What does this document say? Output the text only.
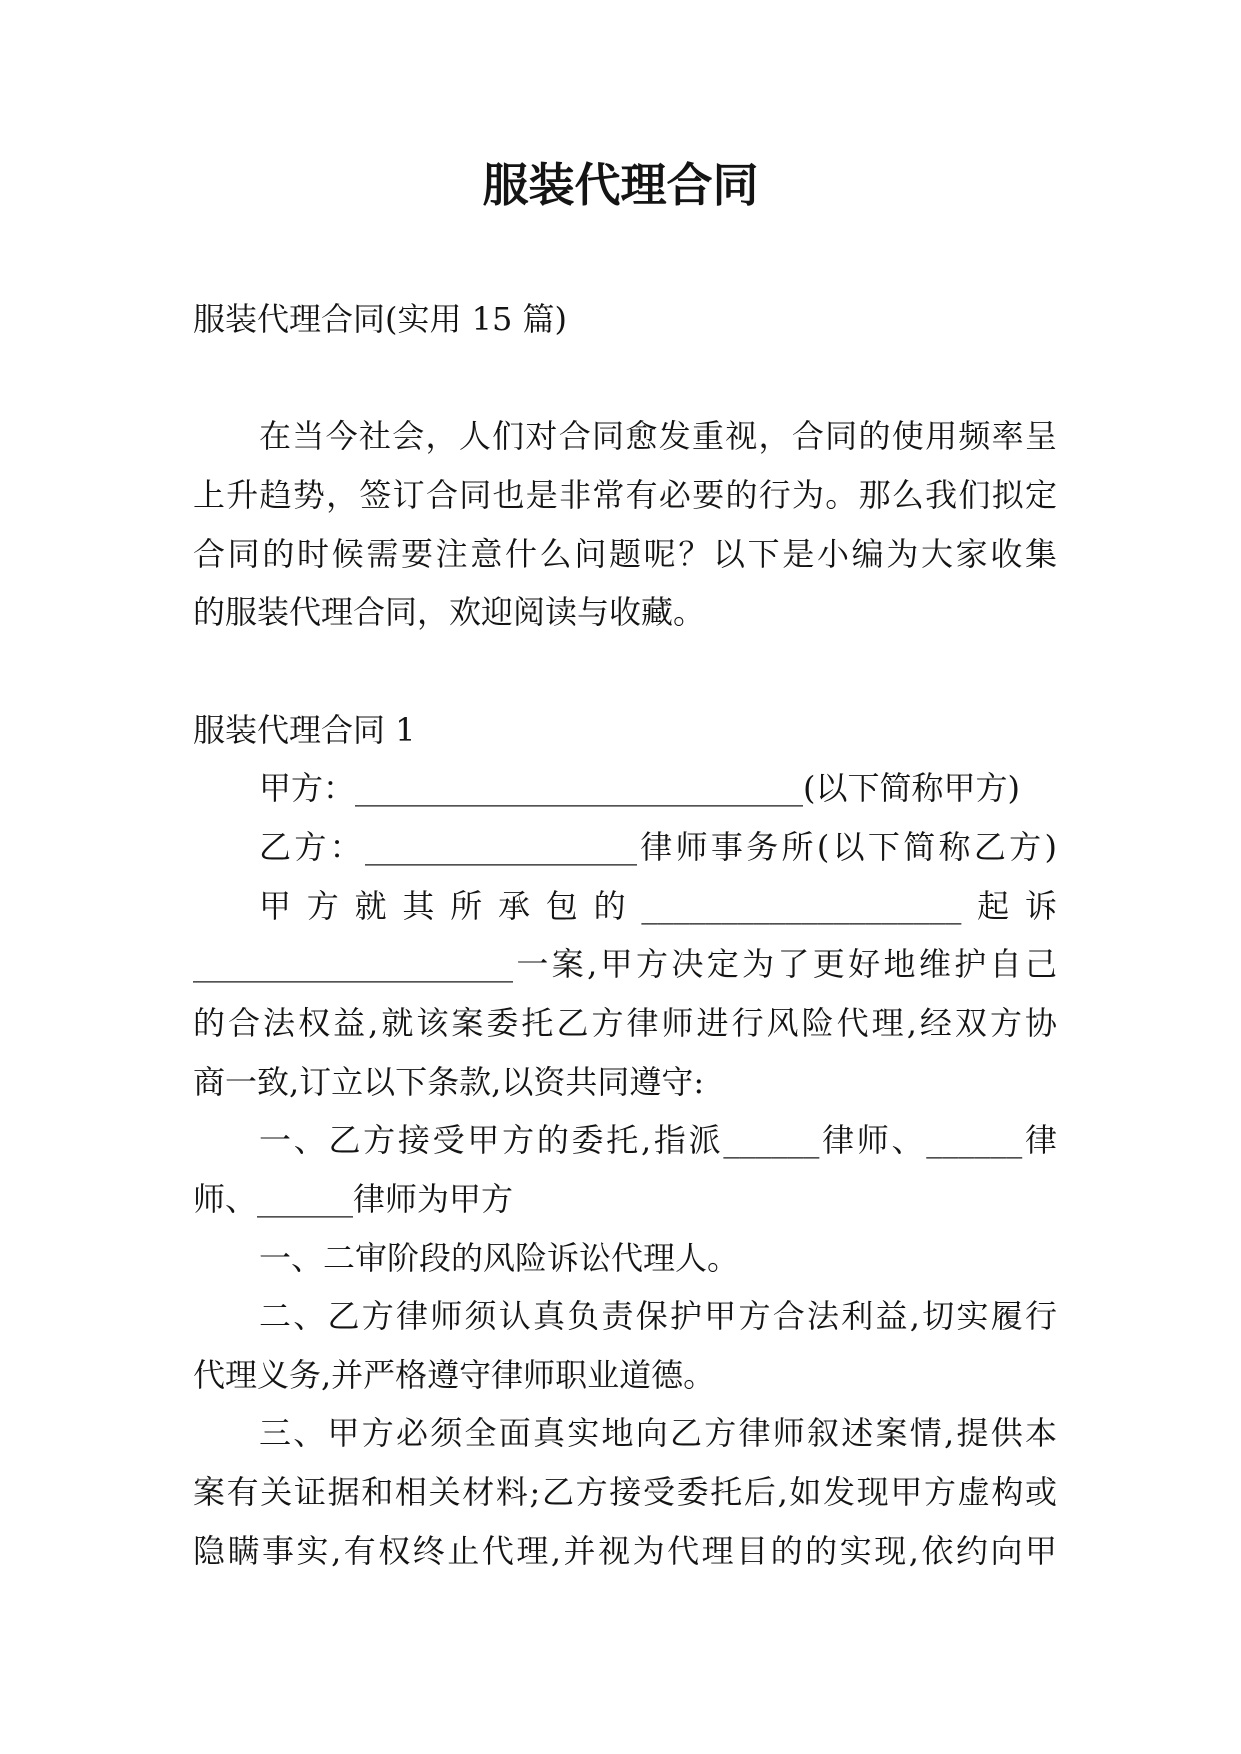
服装代理合同
服装代理合同(实用 15 篇)
在当今社会，人们对合同愈发重视，合同的使用频率呈
上升趋势，签订合同也是非常有必要的行为。那么我们拟定
合同的时候需要注意什么问题呢？以下是小编为大家收集
的服装代理合同，欢迎阅读与收藏。
服装代理合同 1
甲方：____________________________(以下简称甲方)
乙方：_________________律师事务所(以下简称乙方)
甲方就其所承包的____________________起诉
____________________一案,甲方决定为了更好地维护自己
的合法权益,就该案委托乙方律师进行风险代理,经双方协
商一致,订立以下条款,以资共同遵守:
一、乙方接受甲方的委托,指派______律师、______律
师、______律师为甲方
一、二审阶段的风险诉讼代理人。
二、乙方律师须认真负责保护甲方合法利益,切实履行
代理义务,并严格遵守律师职业道德。
三、甲方必须全面真实地向乙方律师叙述案情,提供本
案有关证据和相关材料;乙方接受委托后,如发现甲方虚构或
隐瞒事实,有权终止代理,并视为代理目的的实现,依约向甲
